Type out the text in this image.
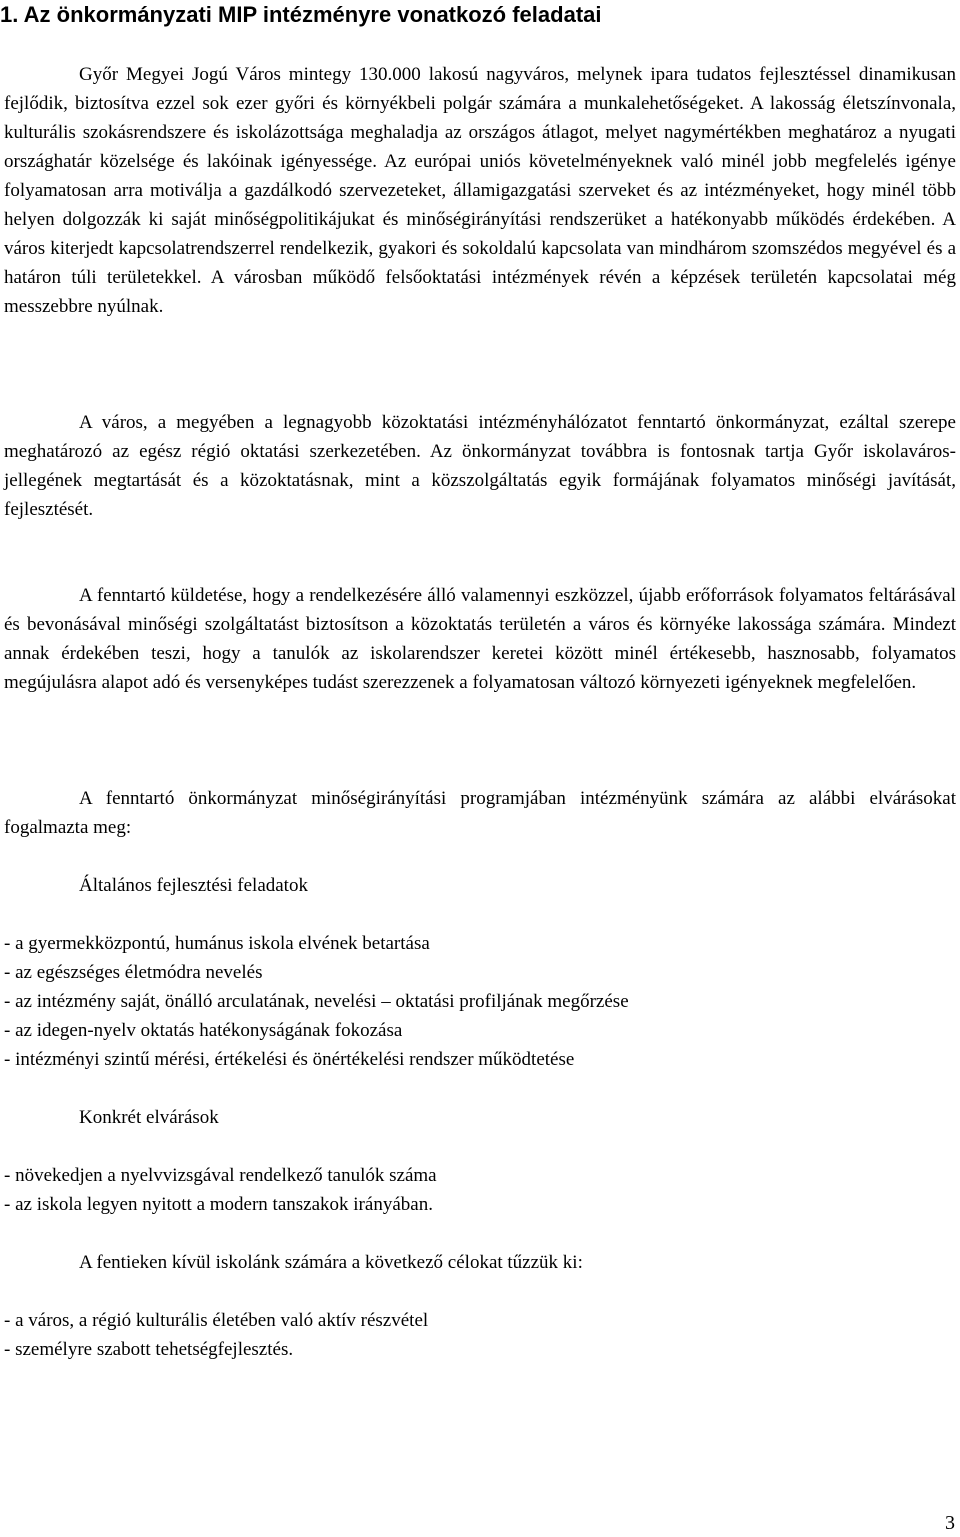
1. Az önkormányzati MIP intézményre vonatkozó feladatai

Győr Megyei Jogú Város mintegy 130.000 lakosú nagyváros, melynek ipara tudatos fejlesztéssel dinamikusan fejlődik, biztosítva ezzel sok ezer győri és környékbeli polgár számára a munkalehetőségeket. A lakosság életszínvonala, kulturális szokásrendszere és iskolázottsága meghaladja az országos átlagot, melyet nagymértékben meghatároz a nyugati országhatár közelsége és lakóinak igényessége. Az európai uniós követelményeknek való minél jobb megfelelés igénye folyamatosan arra motiválja a gazdálkodó szervezeteket, államigazgatási szerveket és az intézményeket, hogy minél több helyen dolgozzák ki saját minőségpolitikájukat és minőségirányítási rendszerüket a hatékonyabb működés érdekében. A város kiterjedt kapcsolatrendszerrel rendelkezik, gyakori és sokoldalú kapcsolata van mindhárom szomszédos megyével és a határon túli területekkel. A városban működő felsőoktatási intézmények révén a képzések területén kapcsolatai még messzebbre nyúlnak.

A város, a megyében a legnagyobb közoktatási intézményhálózatot fenntartó önkormányzat, ezáltal szerepe meghatározó az egész régió oktatási szerkezetében. Az önkormányzat továbbra is fontosnak tartja Győr iskolaváros-jellegének megtartását és a közoktatásnak, mint a közszolgáltatás egyik formájának folyamatos minőségi javítását, fejlesztését.

A fenntartó küldetése, hogy a rendelkezésére álló valamennyi eszközzel, újabb erőforrások folyamatos feltárásával és bevonásával minőségi szolgáltatást biztosítson a közoktatás területén a város és környéke lakossága számára. Mindezt annak érdekében teszi, hogy a tanulók az iskolarendszer keretei között minél értékesebb, hasznosabb, folyamatos megújulásra alapot adó és versenyképes tudást szerezzenek a folyamatosan változó környezeti igényeknek megfelelően.

A fenntartó önkormányzat minőségirányítási programjában intézményünk számára az alábbi elvárásokat fogalmazta meg:

Általános fejlesztési feladatok

- a gyermekközpontú, humánus iskola elvének betartása
- az egészséges életmódra nevelés
- az intézmény saját, önálló arculatának, nevelési – oktatási profiljának megőrzése
- az idegen-nyelv oktatás hatékonyságának fokozása
- intézményi szintű mérési, értékelési és önértékelési rendszer működtetése

Konkrét elvárások

- növekedjen a nyelvvizsgával rendelkező tanulók száma
- az iskola legyen nyitott a modern tanszakok irányában.

A fentieken kívül iskolánk számára a következő célokat tűzzük ki:

- a város, a régió kulturális életében való aktív részvétel
- személyre szabott tehetségfejlesztés.
3
